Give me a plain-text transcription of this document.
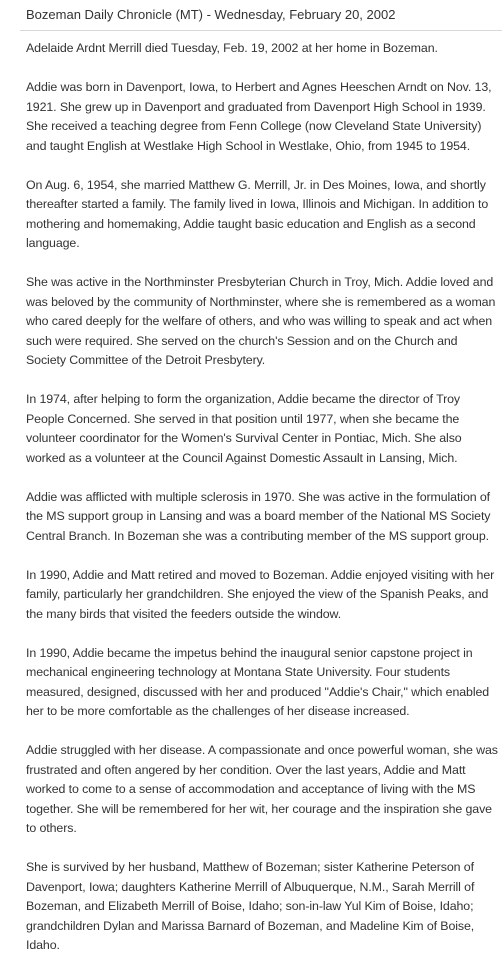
Bozeman Daily Chronicle (MT) - Wednesday, February 20, 2002

Adelaide Ardnt Merrill died Tuesday, Feb. 19, 2002 at her home in Bozeman.

Addie was born in Davenport, Iowa, to Herbert and Agnes Heeschen Arndt on Nov. 13, 1921. She grew up in Davenport and graduated from Davenport High School in 1939. She received a teaching degree from Fenn College (now Cleveland State University) and taught English at Westlake High School in Westlake, Ohio, from 1945 to 1954.

On Aug. 6, 1954, she married Matthew G. Merrill, Jr. in Des Moines, Iowa, and shortly thereafter started a family. The family lived in Iowa, Illinois and Michigan. In addition to mothering and homemaking, Addie taught basic education and English as a second language.

She was active in the Northminster Presbyterian Church in Troy, Mich. Addie loved and was beloved by the community of Northminster, where she is remembered as a woman who cared deeply for the welfare of others, and who was willing to speak and act when such were required. She served on the church's Session and on the Church and Society Committee of the Detroit Presbytery.

In 1974, after helping to form the organization, Addie became the director of Troy People Concerned. She served in that position until 1977, when she became the volunteer coordinator for the Women's Survival Center in Pontiac, Mich. She also worked as a volunteer at the Council Against Domestic Assault in Lansing, Mich.

Addie was afflicted with multiple sclerosis in 1970. She was active in the formulation of the MS support group in Lansing and was a board member of the National MS Society Central Branch. In Bozeman she was a contributing member of the MS support group.

In 1990, Addie and Matt retired and moved to Bozeman. Addie enjoyed visiting with her family, particularly her grandchildren. She enjoyed the view of the Spanish Peaks, and the many birds that visited the feeders outside the window.

In 1990, Addie became the impetus behind the inaugural senior capstone project in mechanical engineering technology at Montana State University. Four students measured, designed, discussed with her and produced "Addie's Chair," which enabled her to be more comfortable as the challenges of her disease increased.

Addie struggled with her disease. A compassionate and once powerful woman, she was frustrated and often angered by her condition. Over the last years, Addie and Matt worked to come to a sense of accommodation and acceptance of living with the MS together. She will be remembered for her wit, her courage and the inspiration she gave to others.

She is survived by her husband, Matthew of Bozeman; sister Katherine Peterson of Davenport, Iowa; daughters Katherine Merrill of Albuquerque, N.M., Sarah Merrill of Bozeman, and Elizabeth Merrill of Boise, Idaho; son-in-law Yul Kim of Boise, Idaho; grandchildren Dylan and Marissa Barnard of Bozeman, and Madeline Kim of Boise, Idaho.
